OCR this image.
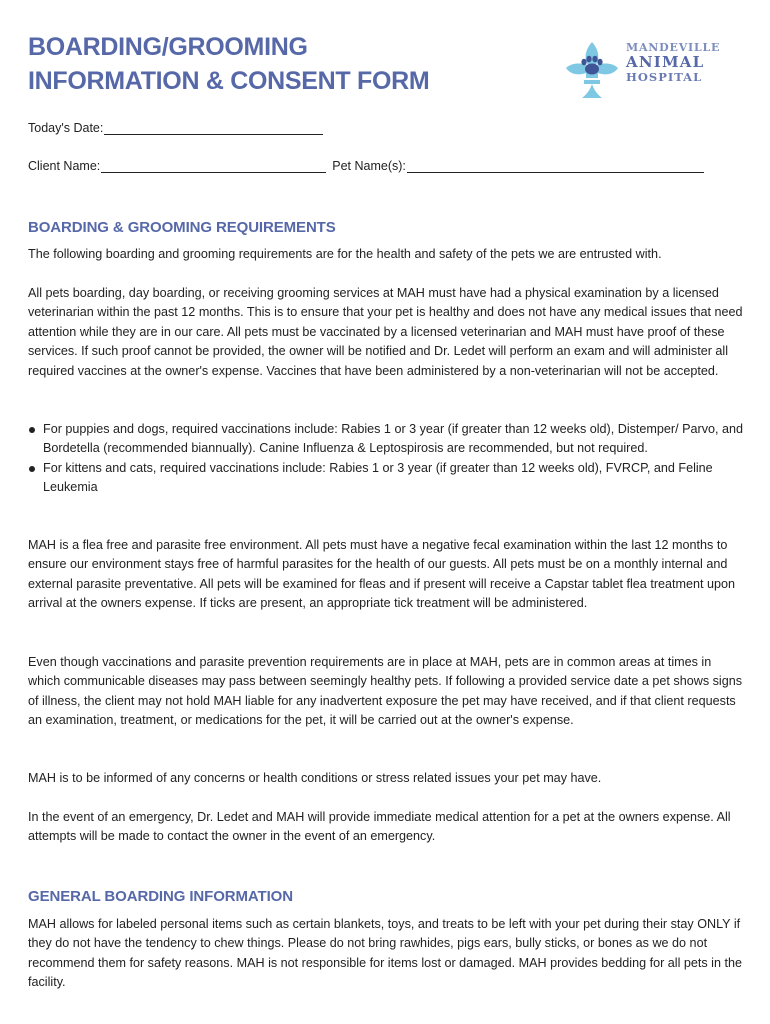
BOARDING/GROOMING
INFORMATION & CONSENT FORM
MANDEVILLE
ANIMAL
HOSPITAL
Today's Date:
Client Name:	Pet Name(s):
BOARDING & GROOMING REQUIREMENTS

The following boarding and grooming requirements are for the health and safety of the pets we are entrusted with.

All pets boarding, day boarding, or receiving grooming services at MAH must have had a physical examination by a licensed veterinarian within the past 12 months. This is to ensure that your pet is healthy and does not have any medical issues that need attention while they are in our care. All pets must be vaccinated by a licensed veterinarian and MAH must have proof of these services. If such proof cannot be provided, the owner will be notified and Dr. Ledet will perform an exam and will administer all required vaccines at the owner's expense. Vaccines that have been administered by a non-veterinarian will not be accepted.

For puppies and dogs, required vaccinations include: Rabies 1 or 3 year (if greater than 12 weeks old), Distemper/ Parvo, and Bordetella (recommended biannually). Canine Influenza & Leptospirosis are recommended, but not required.
For kittens and cats, required vaccinations include: Rabies 1 or 3 year (if greater than 12 weeks old), FVRCP, and Feline Leukemia

MAH is a flea free and parasite free environment. All pets must have a negative fecal examination within the last 12 months to ensure our environment stays free of harmful parasites for the health of our guests. All pets must be on a monthly internal and external parasite preventative. All pets will be examined for fleas and if present will receive a Capstar tablet flea treatment upon arrival at the owners expense. If ticks are present, an appropriate tick treatment will be administered.

Even though vaccinations and parasite prevention requirements are in place at MAH, pets are in common areas at times in which communicable diseases may pass between seemingly healthy pets. If following a provided service date a pet shows signs of illness, the client may not hold MAH liable for any inadvertent exposure the pet may have received, and if that client requests an examination, treatment, or medications for the pet, it will be carried out at the owner's expense.

MAH is to be informed of any concerns or health conditions or stress related issues your pet may have.

In the event of an emergency, Dr. Ledet and MAH will provide immediate medical attention for a pet at the owners expense. All attempts will be made to contact the owner in the event of an emergency.

GENERAL BOARDING INFORMATION

MAH allows for labeled personal items such as certain blankets, toys, and treats to be left with your pet during their stay ONLY if they do not have the tendency to chew things. Please do not bring rawhides, pigs ears, bully sticks, or bones as we do not recommend them for safety reasons. MAH is not responsible for items lost or damaged. MAH provides bedding for all pets in the facility.
